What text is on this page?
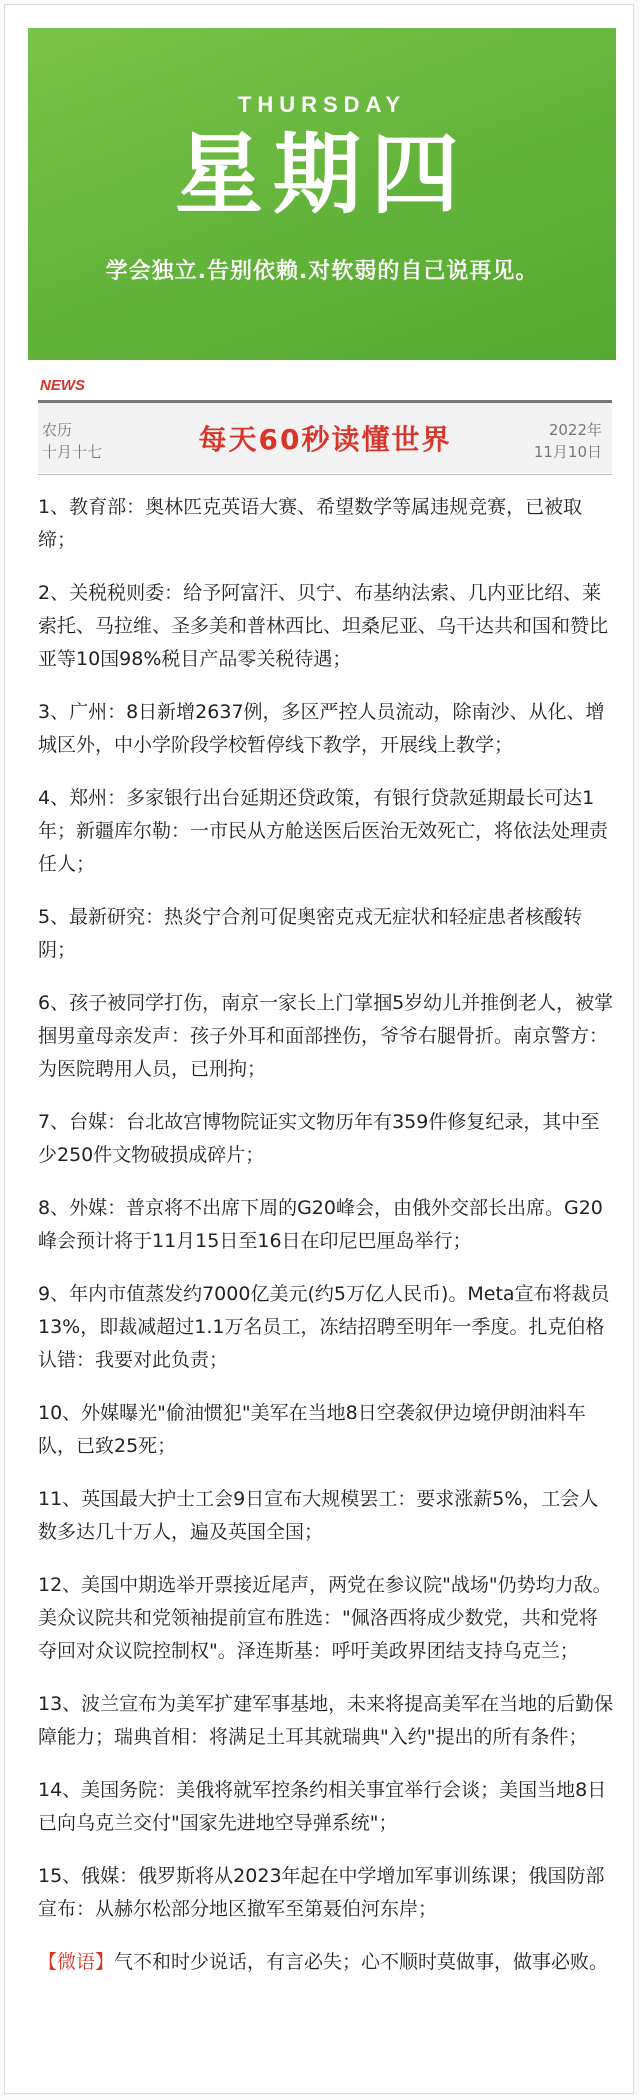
THURSDAY
星期四
学会独立.告别依赖.对软弱的自己说再见。
NEWS
农历
十月十七	每天60秒读懂世界	2022年
11月10日

1、教育部：奥林匹克英语大赛、希望数学等属违规竞赛，已被取缔；

2、关税税则委：给予阿富汗、贝宁、布基纳法索、几内亚比绍、莱索托、马拉维、圣多美和普林西比、坦桑尼亚、乌干达共和国和赞比亚等10国98%税目产品零关税待遇；

3、广州：8日新增2637例，多区严控人员流动，除南沙、从化、增城区外，中小学阶段学校暂停线下教学，开展线上教学；

4、郑州：多家银行出台延期还贷政策，有银行贷款延期最长可达1年；新疆库尔勒：一市民从方舱送医后医治无效死亡，将依法处理责任人；

5、最新研究：热炎宁合剂可促奥密克戎无症状和轻症患者核酸转阴；

6、孩子被同学打伤，南京一家长上门掌掴5岁幼儿并推倒老人，被掌掴男童母亲发声：孩子外耳和面部挫伤，爷爷右腿骨折。南京警方：为医院聘用人员，已刑拘；

7、台媒：台北故宫博物院证实文物历年有359件修复纪录，其中至少250件文物破损成碎片；

8、外媒：普京将不出席下周的G20峰会，由俄外交部长出席。G20峰会预计将于11月15日至16日在印尼巴厘岛举行；

9、年内市值蒸发约7000亿美元(约5万亿人民币)。Meta宣布将裁员13%，即裁减超过1.1万名员工，冻结招聘至明年一季度。扎克伯格认错：我要对此负责；

10、外媒曝光"偷油惯犯"美军在当地8日空袭叙伊边境伊朗油料车队，已致25死；

11、英国最大护士工会9日宣布大规模罢工：要求涨薪5%，工会人数多达几十万人，遍及英国全国；

12、美国中期选举开票接近尾声，两党在参议院"战场"仍势均力敌。美众议院共和党领袖提前宣布胜选："佩洛西将成少数党，共和党将夺回对众议院控制权"。泽连斯基：呼吁美政界团结支持乌克兰；

13、波兰宣布为美军扩建军事基地，未来将提高美军在当地的后勤保障能力；瑞典首相：将满足土耳其就瑞典"入约"提出的所有条件；

14、美国务院：美俄将就军控条约相关事宜举行会谈；美国当地8日已向乌克兰交付"国家先进地空导弹系统"；

15、俄媒：俄罗斯将从2023年起在中学增加军事训练课；俄国防部宣布：从赫尔松部分地区撤军至第聂伯河东岸；

【微语】气不和时少说话，有言必失；心不顺时莫做事，做事必败。
